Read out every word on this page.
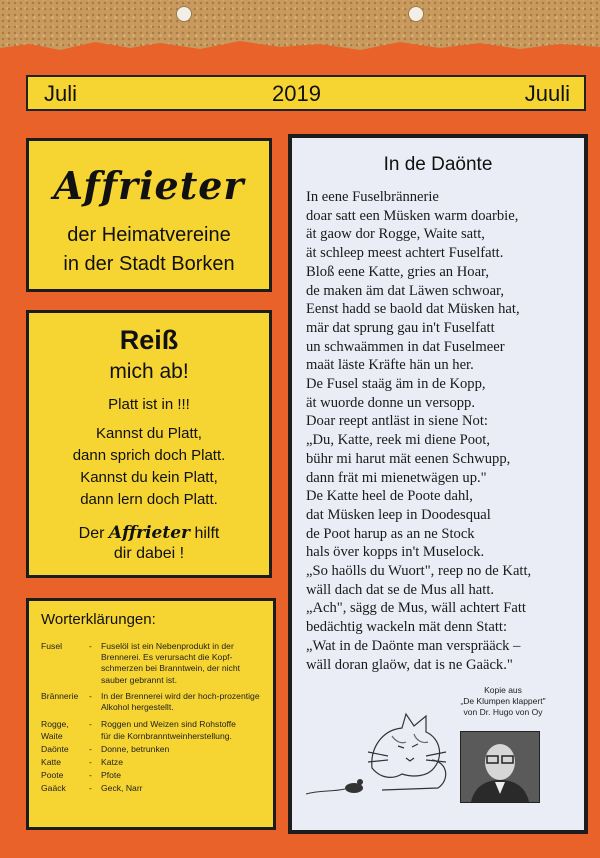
Juli	2019	Juuli
Affrieter
der Heimatvereine
in der Stadt Borken
Reiß
mich ab!
Platt ist in !!!
Kannst du Platt,
dann sprich doch Platt.
Kannst du kein Platt,
dann lern doch Platt.
Der Affrieter hilft
dir dabei !
Worterklärungen:
Fusel	-	Fuselöl ist ein Nebenprodukt in der Brennerei. Es verursacht die Kopf-schmerzen bei Branntwein, der nicht sauber gebrannt ist.
Brännerie	-	In der Brennerei wird der hoch-prozentige Alkohol hergestellt.
Rogge,	-	Roggen und Weizen sind Rohstoffe
Waite	für die Kornbranntweinherstellung.
Daönte	-	Donne, betrunken
Katte	-	Katze
Poote	-	Pfote
Gaäck	-	Geck, Narr
In de Daönte
In eene Fuselbrännerie
doar satt een Müsken warm doarbie,
ät gaow dor Rogge, Waite satt,
ät schleep meest achtert Fuselfatt.
Bloß eene Katte, gries an Hoar,
de maken äm dat Läwen schwoar,
Eenst hadd se baold dat Müsken hat,
mär dat sprung gau in't Fuselfatt
un schwaämmen in dat Fuselmeer
maät läste Kräfte hän un her.
De Fusel staäg äm in de Kopp,
ät wuorde donne un versopp.
Doar reept antläst in siene Not:
„Du, Katte, reek mi diene Poot,
bühr mi harut mät eenen Schwupp,
dann frät mi mienetwägen up."
De Katte heel de Poote dahl,
dat Müsken leep in Doodesqual
de Poot harup as an ne Stock
hals över kopps in't Muselock.
„So haölls du Wuort", reep no de Katt,
wäll dach dat se de Mus all hatt.
„Ach", sägg de Mus, wäll achtert Fatt
bedächtig wackeln mät denn Statt:
„Wat in de Daönte man versprääck –
wäll doran glaöw, dat is ne Gaäck."
Kopie aus
„De Klumpen klappert"
von Dr. Hugo von Oy
